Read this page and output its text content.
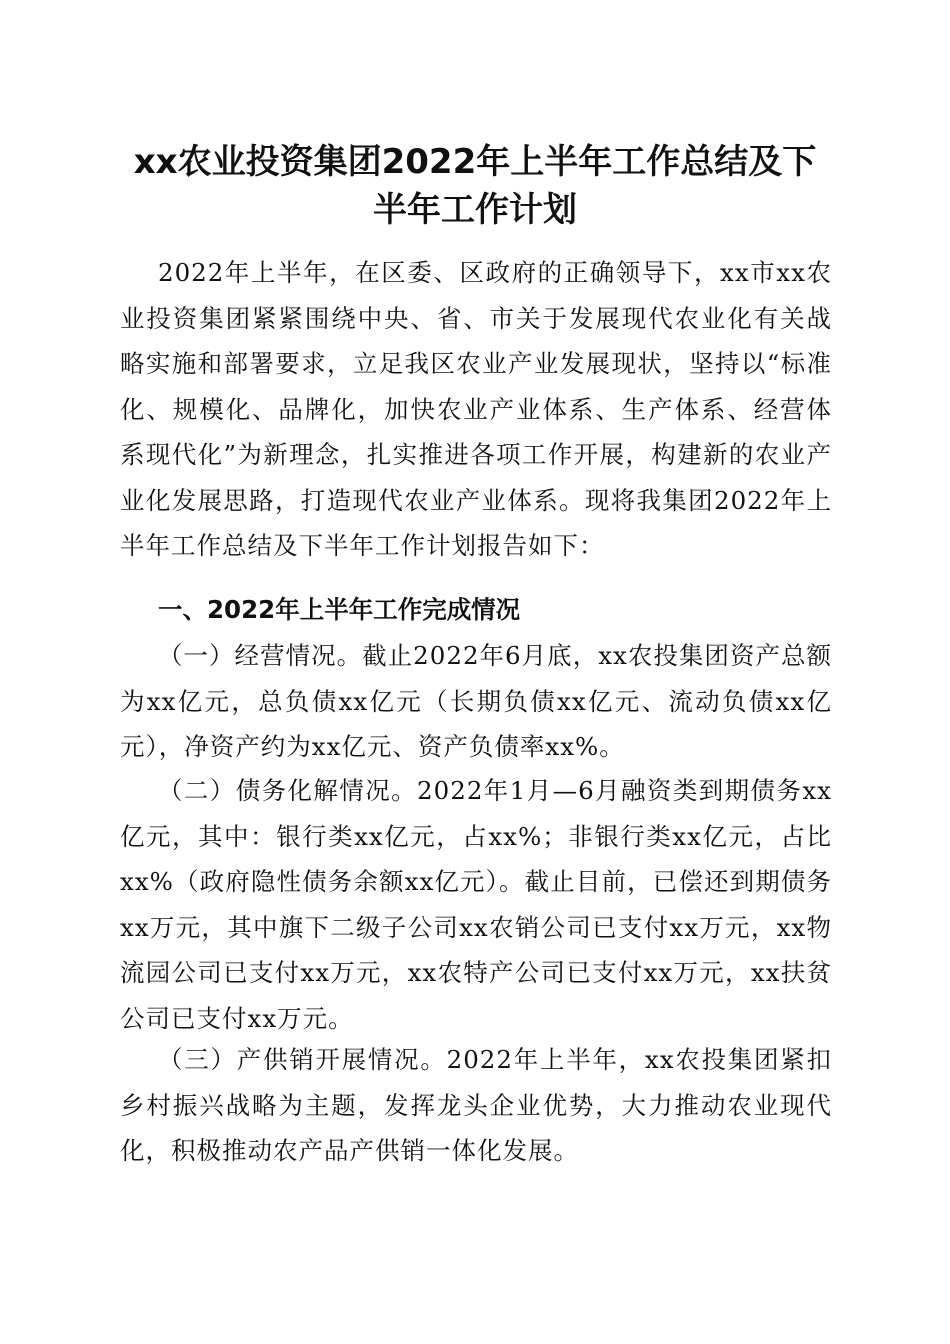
xx农业投资集团2022年上半年工作总结及下
半年工作计划

2022年上半年，在区委、区政府的正确领导下，xx市xx农业投资集团紧紧围绕中央、省、市关于发展现代农业化有关战略实施和部署要求，立足我区农业产业发展现状，坚持以“标准化、规模化、品牌化，加快农业产业体系、生产体系、经营体系现代化”为新理念，扎实推进各项工作开展，构建新的农业产业化发展思路，打造现代农业产业体系。现将我集团2022年上半年工作总结及下半年工作计划报告如下：

一、2022年上半年工作完成情况

（一）经营情况。截止2022年6月底，xx农投集团资产总额为xx亿元，总负债xx亿元（长期负债xx亿元、流动负债xx亿元），净资产约为xx亿元、资产负债率xx%。

（二）债务化解情况。2022年1月—6月融资类到期债务xx亿元，其中：银行类xx亿元，占xx%；非银行类xx亿元，占比xx%（政府隐性债务余额xx亿元）。截止目前，已偿还到期债务xx万元，其中旗下二级子公司xx农销公司已支付xx万元，xx物流园公司已支付xx万元，xx农特产公司已支付xx万元，xx扶贫公司已支付xx万元。

（三）产供销开展情况。2022年上半年，xx农投集团紧扣乡村振兴战略为主题，发挥龙头企业优势，大力推动农业现代化，积极推动农产品产供销一体化发展。
